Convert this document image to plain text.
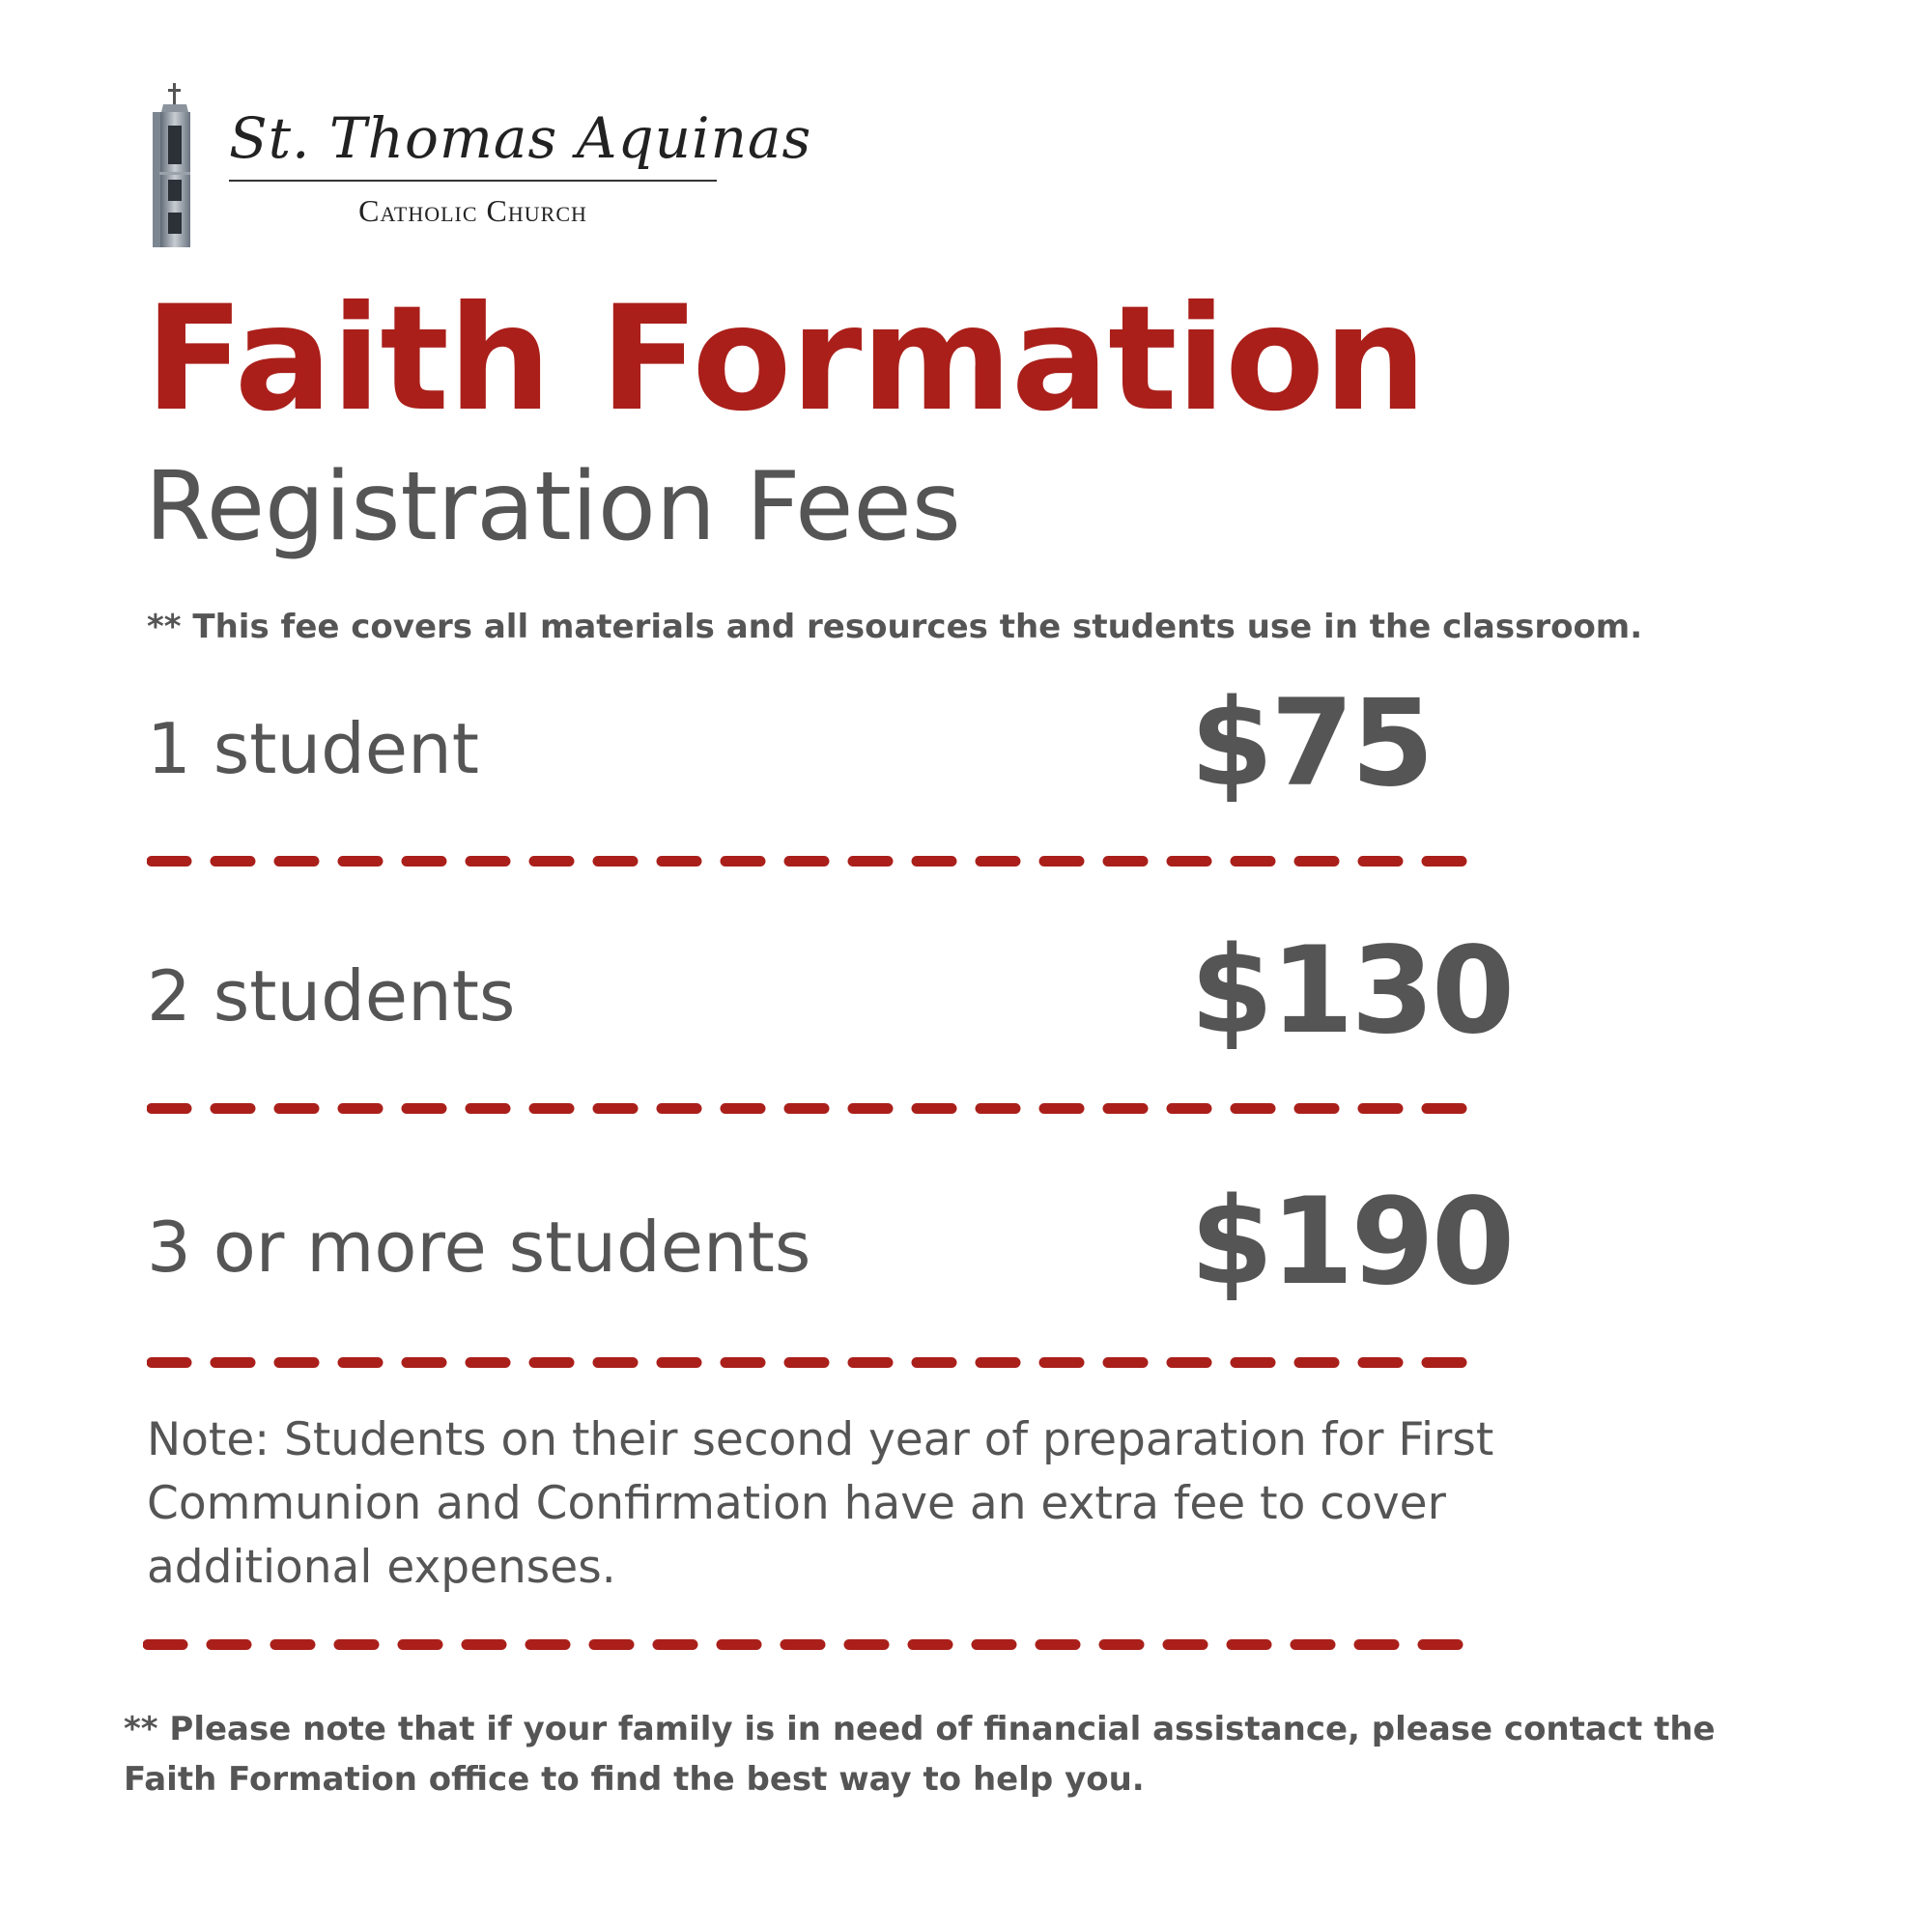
St. Thomas Aquinas
Catholic Church
Faith Formation
Registration Fees

** This fee covers all materials and resources the students use in the classroom.

1 student	$75
2 students	$130
3 or more students	$190

Note: Students on their second year of preparation for First Communion and Confirmation have an extra fee to cover additional expenses.

** Please note that if your family is in need of financial assistance, please contact the Faith Formation office to find the best way to help you.
